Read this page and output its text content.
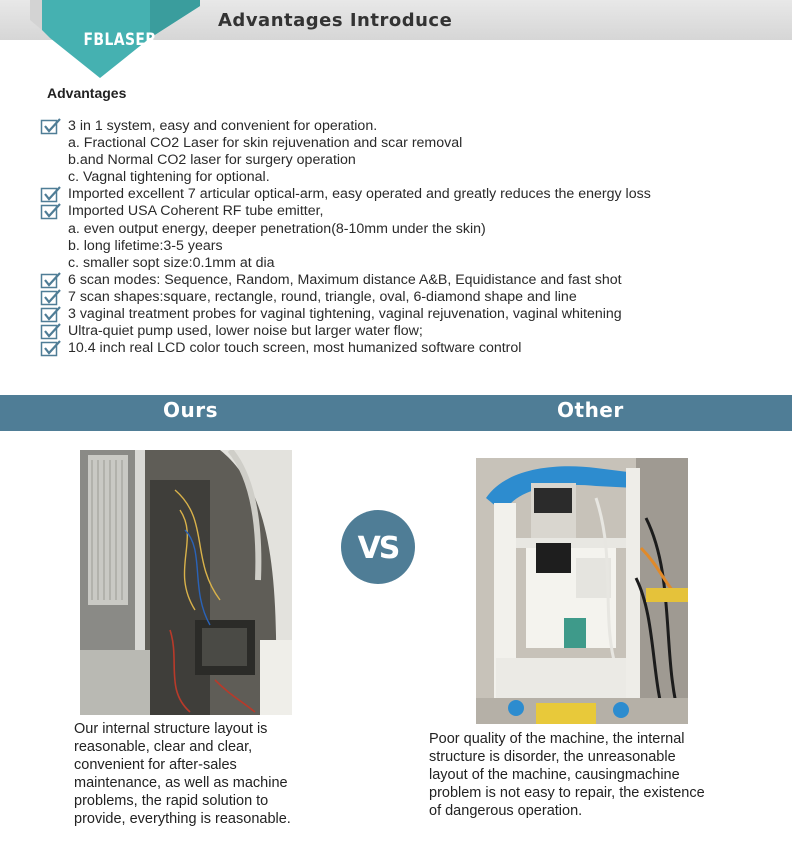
FBLASER
Advantages Introduce
Advantages
3 in 1 system, easy and convenient for operation.
a. Fractional CO2 Laser for skin rejuvenation and scar removal
b.and Normal CO2 laser for surgery operation
c. Vagnal tightening for optional.
Imported excellent 7 articular optical-arm, easy operated and greatly reduces the energy loss
Imported USA Coherent RF tube emitter,
a. even output energy, deeper penetration(8-10mm under the skin)
b. long lifetime:3-5 years
c. smaller sopt size:0.1mm at dia
6 scan modes: Sequence, Random, Maximum distance A&B, Equidistance and fast shot
7 scan shapes:square, rectangle, round, triangle, oval, 6-diamond shape and line
3 vaginal treatment probes for vaginal tightening, vaginal rejuvenation, vaginal whitening
Ultra-quiet pump used, lower noise but larger water flow;
10.4 inch real LCD color touch screen, most humanized software control
Ours	Other
VS
Our internal structure layout is
reasonable, clear and clear,
convenient for after-sales
maintenance, as well as machine
problems, the rapid solution to
provide, everything is reasonable.
Poor quality of the machine, the internal
structure is disorder, the unreasonable
layout of the machine, causingmachine
problem is not easy to repair, the existence
of dangerous operation.
